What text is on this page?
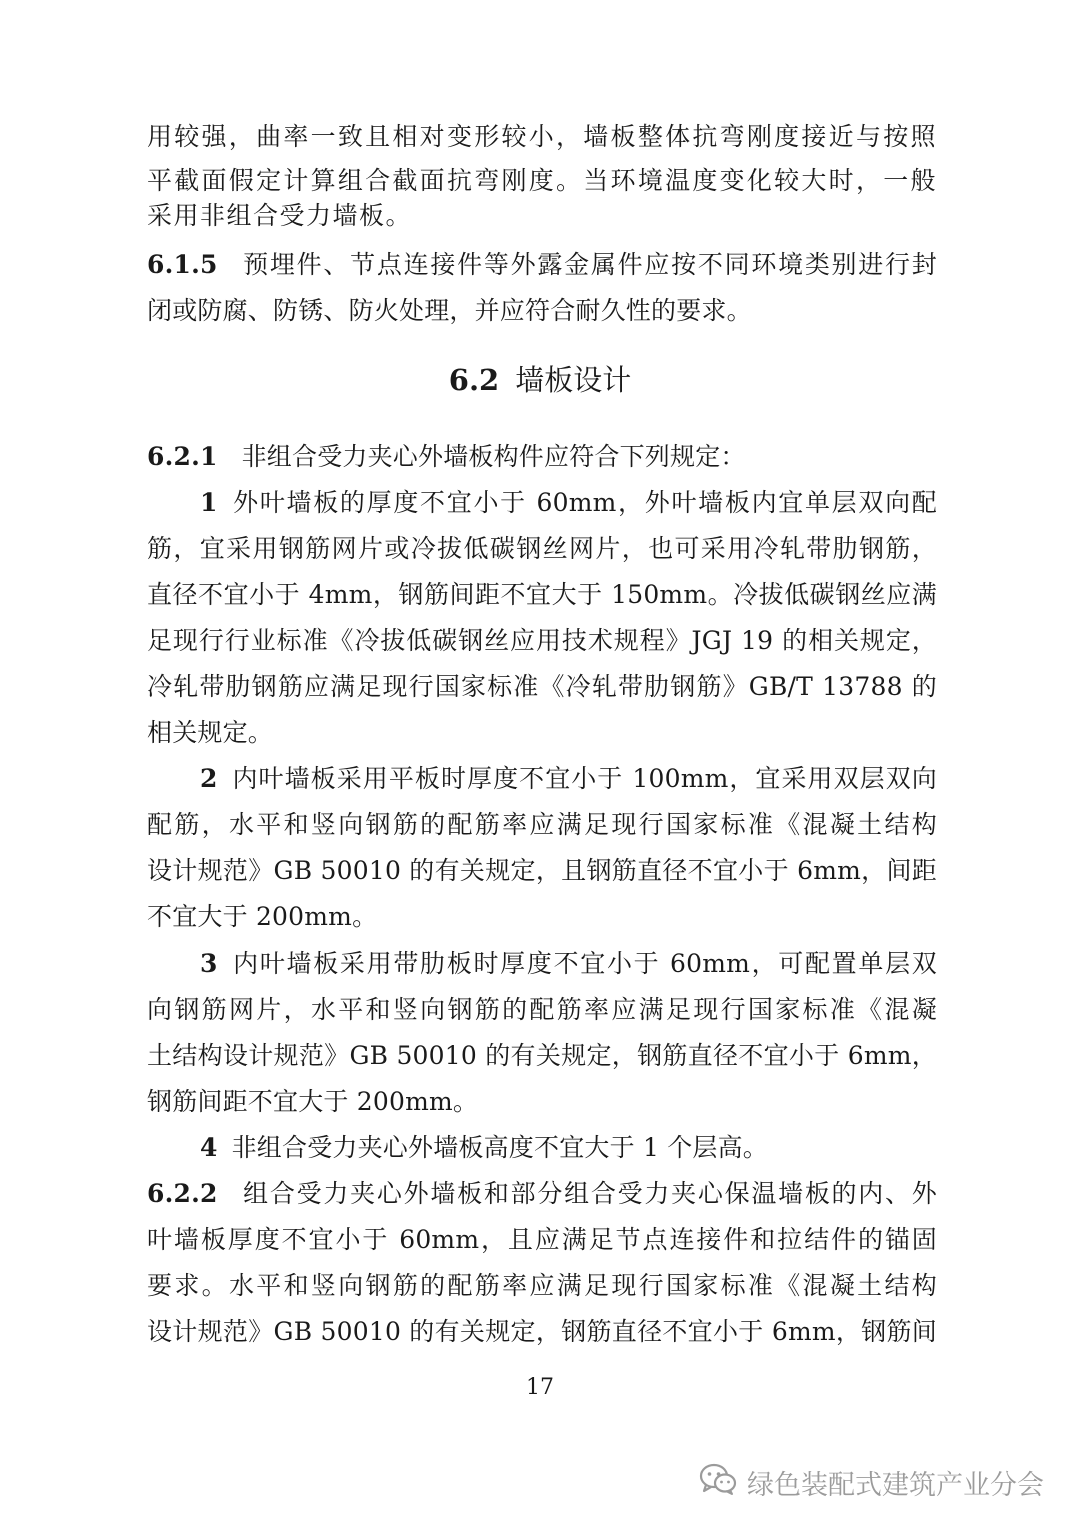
用较强，曲率一致且相对变形较小，墙板整体抗弯刚度接近与按照
平截面假定计算组合截面抗弯刚度。当环境温度变化较大时，一般
采用非组合受力墙板。
6.1.5 预埋件、节点连接件等外露金属件应按不同环境类别进行封
闭或防腐、防锈、防火处理，并应符合耐久性的要求。
6.2 墙板设计
6.2.1 非组合受力夹心外墙板构件应符合下列规定：
1 外叶墙板的厚度不宜小于 60mm，外叶墙板内宜单层双向配
筋，宜采用钢筋网片或冷拔低碳钢丝网片，也可采用冷轧带肋钢筋，
直径不宜小于 4mm，钢筋间距不宜大于 150mm。冷拔低碳钢丝应满
足现行行业标准《冷拔低碳钢丝应用技术规程》JGJ 19 的相关规定，
冷轧带肋钢筋应满足现行国家标准《冷轧带肋钢筋》GB/T 13788 的
相关规定。
2 内叶墙板采用平板时厚度不宜小于 100mm，宜采用双层双向
配筋，水平和竖向钢筋的配筋率应满足现行国家标准《混凝土结构
设计规范》GB 50010 的有关规定，且钢筋直径不宜小于 6mm，间距
不宜大于 200mm。
3 内叶墙板采用带肋板时厚度不宜小于 60mm，可配置单层双
向钢筋网片，水平和竖向钢筋的配筋率应满足现行国家标准《混凝
土结构设计规范》GB 50010 的有关规定，钢筋直径不宜小于 6mm，
钢筋间距不宜大于 200mm。
4 非组合受力夹心外墙板高度不宜大于 1 个层高。
6.2.2 组合受力夹心外墙板和部分组合受力夹心保温墙板的内、外
叶墙板厚度不宜小于 60mm，且应满足节点连接件和拉结件的锚固
要求。水平和竖向钢筋的配筋率应满足现行国家标准《混凝土结构
设计规范》GB 50010 的有关规定，钢筋直径不宜小于 6mm，钢筋间
17
绿色装配式建筑产业分会
